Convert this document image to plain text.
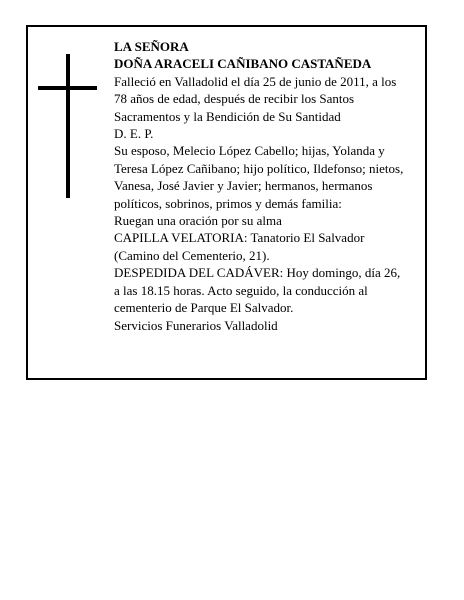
LA SEÑORA
DOÑA ARACELI CAÑIBANO CASTAÑEDA
Falleció en Valladolid el día 25 de junio de 2011, a los
78 años de edad, después de recibir los Santos
Sacramentos y la Bendición de Su Santidad
D. E. P.
Su esposo, Melecio López Cabello; hijas, Yolanda y
Teresa López Cañibano; hijo político, Ildefonso; nietos,
Vanesa, José Javier y Javier; hermanos, hermanos
políticos, sobrinos, primos y demás familia:
Ruegan una oración por su alma
CAPILLA VELATORIA: Tanatorio El Salvador
(Camino del Cementerio, 21).
DESPEDIDA DEL CADÁVER: Hoy domingo, día 26,
a las 18.15 horas. Acto seguido, la conducción al
cementerio de Parque El Salvador.
Servicios Funerarios Valladolid
